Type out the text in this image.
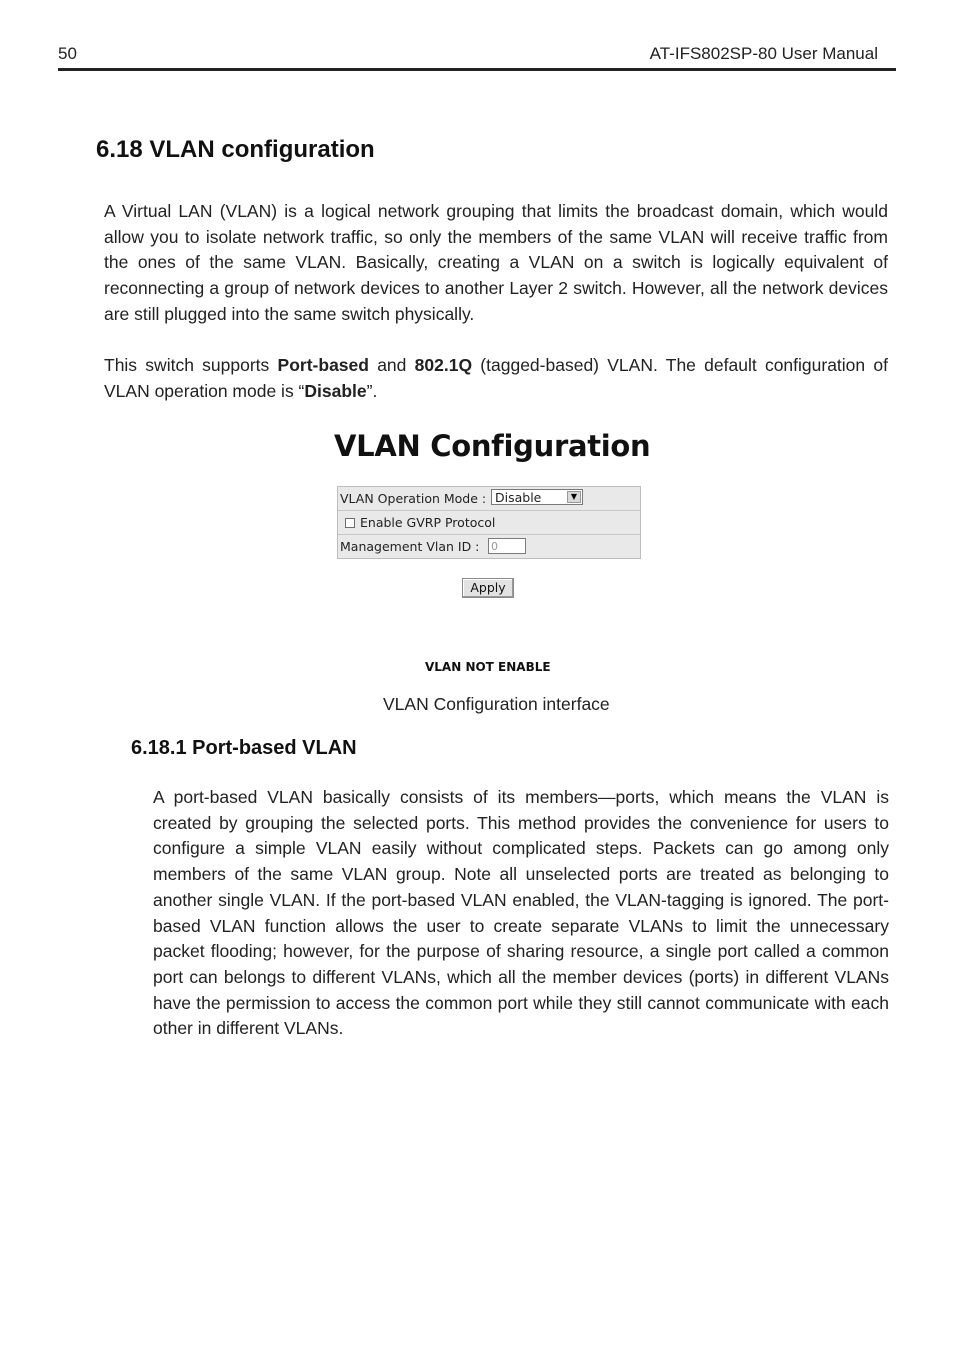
50	AT-IFS802SP-80 User Manual
6.18 VLAN configuration

A Virtual LAN (VLAN) is a logical network grouping that limits the broadcast domain, which would allow you to isolate network traffic, so only the members of the same VLAN will receive traffic from the ones of the same VLAN. Basically, creating a VLAN on a switch is logically equivalent of reconnecting a group of network devices to another Layer 2 switch. However, all the network devices are still plugged into the same switch physically.

This switch supports Port-based and 802.1Q (tagged-based) VLAN. The default configuration of VLAN operation mode is “Disable”.

VLAN Configuration
VLAN Operation Mode : Disable	▼
Enable GVRP Protocol
Management Vlan ID : 0
Apply
VLAN NOT ENABLE
VLAN Configuration interface
6.18.1 Port-based VLAN

A port-based VLAN basically consists of its members—ports, which means the VLAN is created by grouping the selected ports. This method provides the convenience for users to configure a simple VLAN easily without complicated steps. Packets can go among only members of the same VLAN group. Note all unselected ports are treated as belonging to another single VLAN. If the port-based VLAN enabled, the VLAN-tagging is ignored. The port-based VLAN function allows the user to create separate VLANs to limit the unnecessary packet flooding; however, for the purpose of sharing resource, a single port called a common port can belongs to different VLANs, which all the member devices (ports) in different VLANs have the permission to access the common port while they still cannot communicate with each other in different VLANs.
